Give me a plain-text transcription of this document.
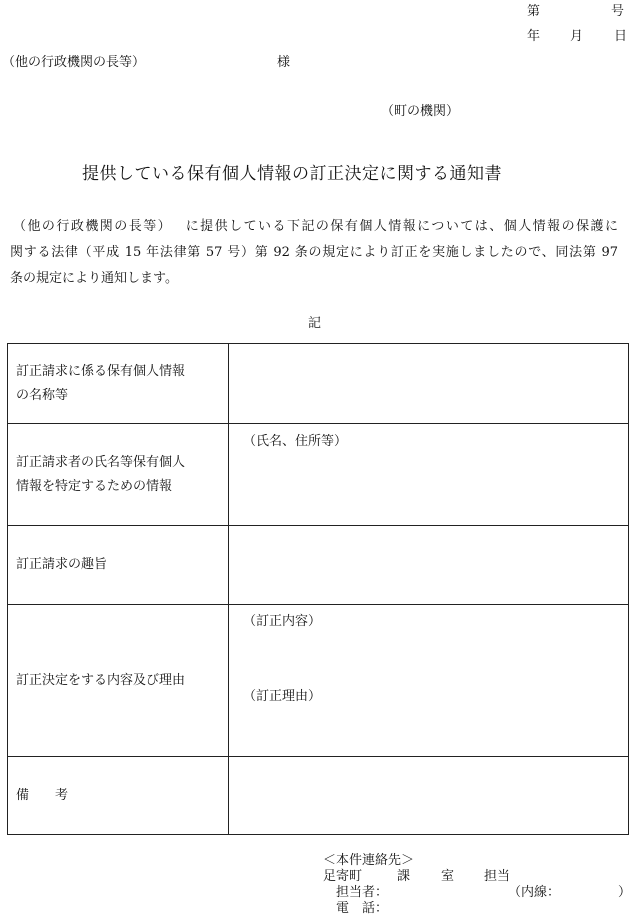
第	号
年 月 日
（他の行政機関の長等）	様
（町の機関）
提供している保有個人情報の訂正決定に関する通知書
（他の行政機関の長等）　 に提供している下記の保有個人情報については、個人情報の保護に
関する法律（平成 15 年法律第 57 号）第 92 条の規定により訂正を実施しましたので、同法第 97
条の規定により通知します。
記
訂正請求に係る保有個人情報
の名称等	

訂正請求者の氏名等保有個人
情報を特定するための情報	（氏名、住所等）

訂正請求の趣旨	

訂正決定をする内容及び理由	（訂正内容）
（訂正理由）

備　　考	

＜本件連絡先＞
足寄町	課 室 担当
担当者：	（内線：	）
電　話：
